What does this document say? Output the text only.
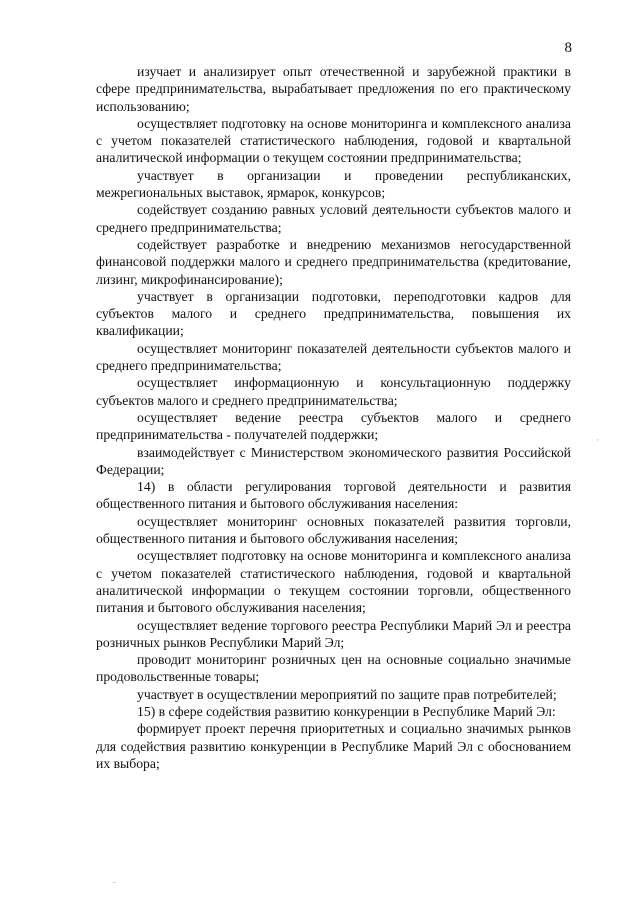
8

изучает и анализирует опыт отечественной и зарубежной практики в сфере предпринимательства, вырабатывает предложения по его практическому использованию;

осуществляет подготовку на основе мониторинга и комплексного анализа с учетом показателей статистического наблюдения, годовой и квартальной аналитической информации о текущем состоянии предпринимательства;

участвует в организации и проведении республиканских, межрегиональных выставок, ярмарок, конкурсов;

содействует созданию равных условий деятельности субъектов малого и среднего предпринимательства;

содействует разработке и внедрению механизмов негосударственной финансовой поддержки малого и среднего предпринимательства (кредитование, лизинг, микрофинансирование);

участвует в организации подготовки, переподготовки кадров для субъектов малого и среднего предпринимательства, повышения их квалификации;

осуществляет мониторинг показателей деятельности субъектов малого и среднего предпринимательства;

осуществляет информационную и консультационную поддержку субъектов малого и среднего предпринимательства;

осуществляет ведение реестра субъектов малого и среднего предпринимательства - получателей поддержки;

взаимодействует с Министерством экономического развития Российской Федерации;

14) в области регулирования торговой деятельности и развития общественного питания и бытового обслуживания населения:

осуществляет мониторинг основных показателей развития торговли, общественного питания и бытового обслуживания населения;

осуществляет подготовку на основе мониторинга и комплексного анализа с учетом показателей статистического наблюдения, годовой и квартальной аналитической информации о текущем состоянии торговли, общественного питания и бытового обслуживания населения;

осуществляет ведение торгового реестра Республики Марий Эл и реестра розничных рынков Республики Марий Эл;

проводит мониторинг розничных цен на основные социально значимые продовольственные товары;

участвует в осуществлении мероприятий по защите прав потребителей;

15) в сфере содействия развитию конкуренции в Республике Марий Эл:

формирует проект перечня приоритетных и социально значимых рынков для содействия развитию конкуренции в Республике Марий Эл с обоснованием их выбора;

·
⁻
